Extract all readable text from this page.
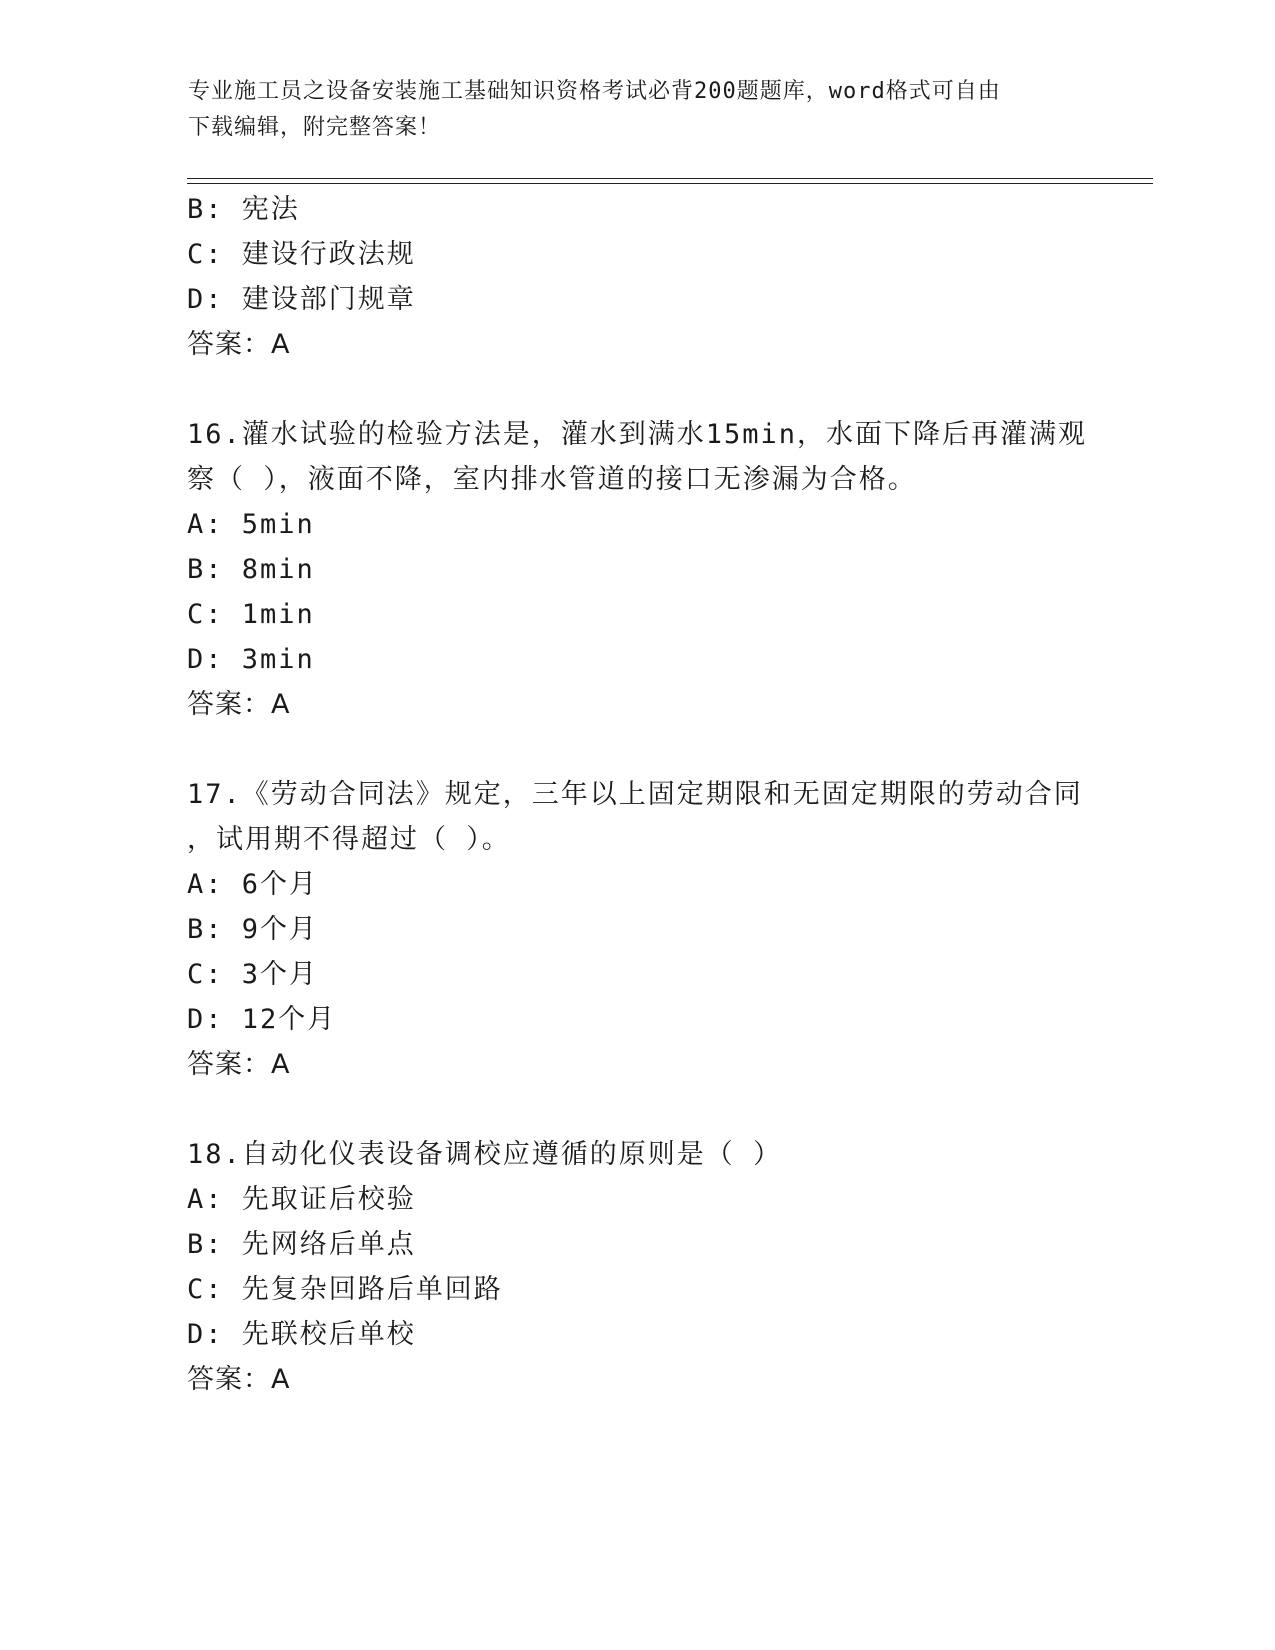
专业施工员之设备安装施工基础知识资格考试必背200题题库，word格式可自由
下载编辑，附完整答案！
B: 宪法
C: 建设行政法规
D: 建设部门规章
答案：A
16.灌水试验的检验方法是，灌水到满水15min，水面下降后再灌满观
察（ ），液面不降，室内排水管道的接口无渗漏为合格。
A: 5min
B: 8min
C: 1min
D: 3min
答案：A
17.《劳动合同法》规定，三年以上固定期限和无固定期限的劳动合同
，试用期不得超过（ ）。
A: 6个月
B: 9个月
C: 3个月
D: 12个月
答案：A
18.自动化仪表设备调校应遵循的原则是（ ）
A: 先取证后校验
B: 先网络后单点
C: 先复杂回路后单回路
D: 先联校后单校
答案：A
